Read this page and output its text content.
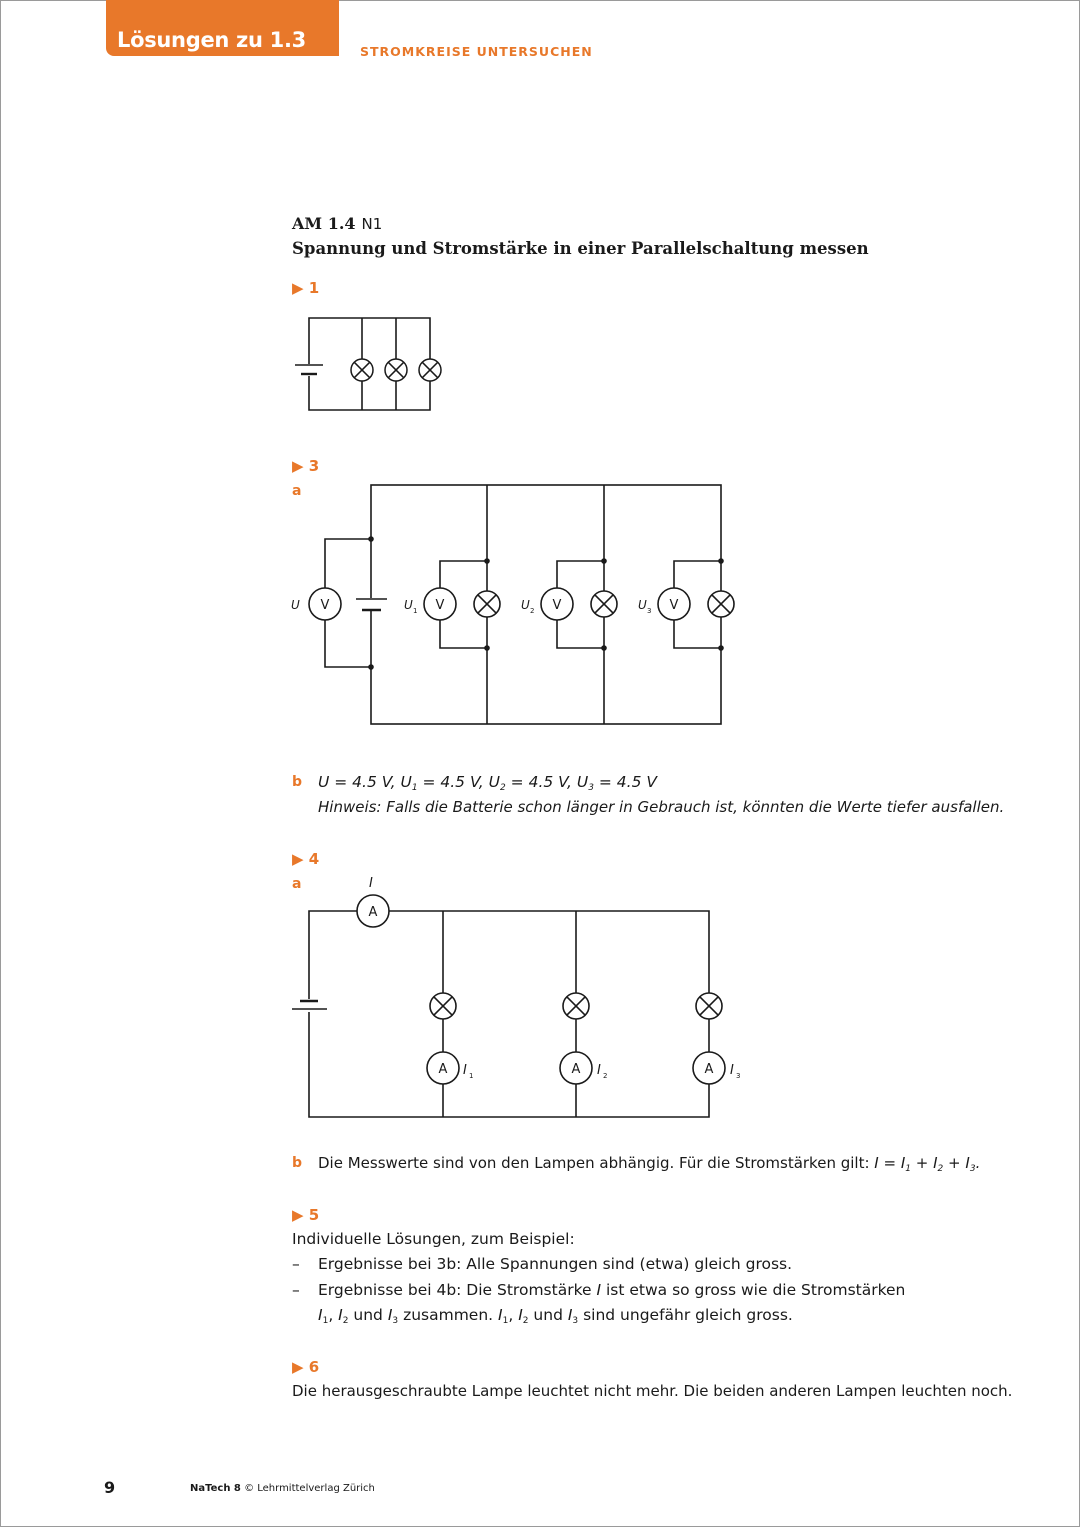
Lösungen zu 1.3	STROMKREISE UNTERSUCHEN
AM 1.4 N1
Spannung und Stromstärke in einer Parallelschaltung messen
▶ 1
▶ 3
a
V	V	V	V
U	U	U	U
1	2	3
A
A	A	A
I
I	I	I
1	2	3
b U = 4.5 V, $U_1 = 4.5$ V, $U_2 = 4.5$ V, $U_3 = 4.5$ V
Hinweis: Falls die Batterie schon länger in Gebrauch ist, könnten die Werte tiefer ausfallen.
▶ 4
a
b Die Messwerte sind von den Lampen abhängig. Für die Stromstärken gilt: $I = I_1 + I_2 + I_3$.
▶ 5
Individuelle Lösungen, zum Beispiel:
– Ergebnisse bei 3b: Alle Spannungen sind (etwa) gleich gross.
– Ergebnisse bei 4b: Die Stromstärke I ist etwa so gross wie die Stromstärken
$I_1$, $I_2$ und $I_3$ zusammen. $I_1$, $I_2$ und $I_3$ sind ungefähr gleich gross.
▶ 6
Die herausgeschraubte Lampe leuchtet nicht mehr. Die beiden anderen Lampen leuchten noch.
9	NaTech 8 © Lehrmittelverlag Zürich
